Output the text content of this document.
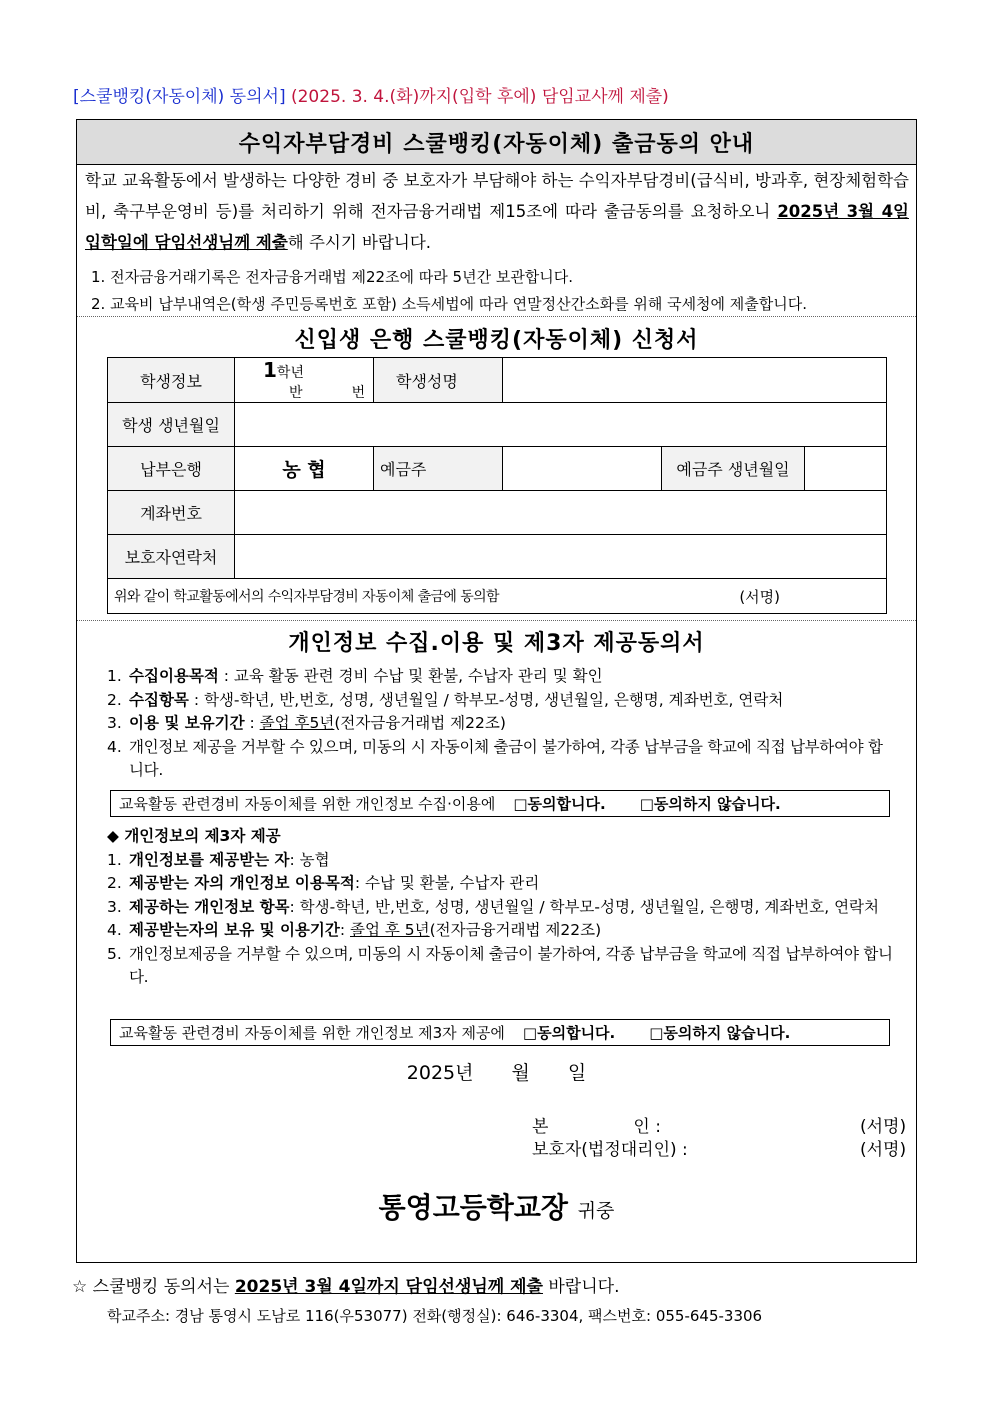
[스쿨뱅킹(자동이체) 동의서] (2025. 3. 4.(화)까지(입학 후에) 담임교사께 제출)
수익자부담경비 스쿨뱅킹(자동이체) 출금동의 안내
학교 교육활동에서 발생하는 다양한 경비 중 보호자가 부담해야 하는 수익자부담경비(급식비, 방과후, 현장체험학습비, 축구부운영비 등)를 처리하기 위해 전자금융거래법 제15조에 따라 출금동의를 요청하오니 2025년 3월 4일 입학일에 담임선생님께 제출해 주시기 바랍니다.
1. 전자금융거래기록은 전자금융거래법 제22조에 따라 5년간 보관합니다.
2. 교육비 납부내역은(학생 주민등록번호 포함) 소득세법에 따라 연말정산간소화를 위해 국세청에 제출합니다.
신입생 은행 스쿨뱅킹(자동이체) 신청서
학생정보	1학년 반 번	학생성명			
학생 생년월일					
납부은행	농 협	예금주		예금주 생년월일	
계좌번호					
보호자연락처					
위와 같이 학교활동에서의 수익자부담경비 자동이체 출금에 동의함 (서명)					
개인정보 수집.이용 및 제3자 제공동의서
1. 수집이용목적 : 교육 활동 관련 경비 수납 및 환불, 수납자 관리 및 확인
2. 수집항목 : 학생-학년, 반,번호, 성명, 생년월일 / 학부모-성명, 생년월일, 은행명, 계좌번호, 연락처
3. 이용 및 보유기간 : 졸업 후5년(전자금융거래법 제22조)
4. 개인정보 제공을 거부할 수 있으며, 미동의 시 자동이체 출금이 불가하여, 각종 납부금을 학교에 직접 납부하여야 합니다.
교육활동 관련경비 자동이체를 위한 개인정보 수집·이용에 □동의합니다. □동의하지 않습니다.
◆ 개인정보의 제3자 제공
1. 개인정보를 제공받는 자: 농협
2. 제공받는 자의 개인정보 이용목적: 수납 및 환불, 수납자 관리
3. 제공하는 개인정보 항목: 학생-학년, 반,번호, 성명, 생년월일 / 학부모-성명, 생년월일, 은행명, 계좌번호, 연락처
4. 제공받는자의 보유 및 이용기간: 졸업 후 5년(전자금융거래법 제22조)
5. 개인정보제공을 거부할 수 있으며, 미동의 시 자동이체 출금이 불가하여, 각종 납부금을 학교에 직접 납부하여야 합니다.
교육활동 관련경비 자동이체를 위한 개인정보 제3자 제공에 □동의합니다. □동의하지 않습니다.
2025년　　월　　일
본　　　　　인 :	(서명)
보호자(법정대리인) :	(서명)
통영고등학교장 귀중
☆ 스쿨뱅킹 동의서는 2025년 3월 4일까지 담임선생님께 제출 바랍니다.
학교주소: 경남 통영시 도남로 116(우53077) 전화(행정실): 646-3304, 팩스번호: 055-645-3306
